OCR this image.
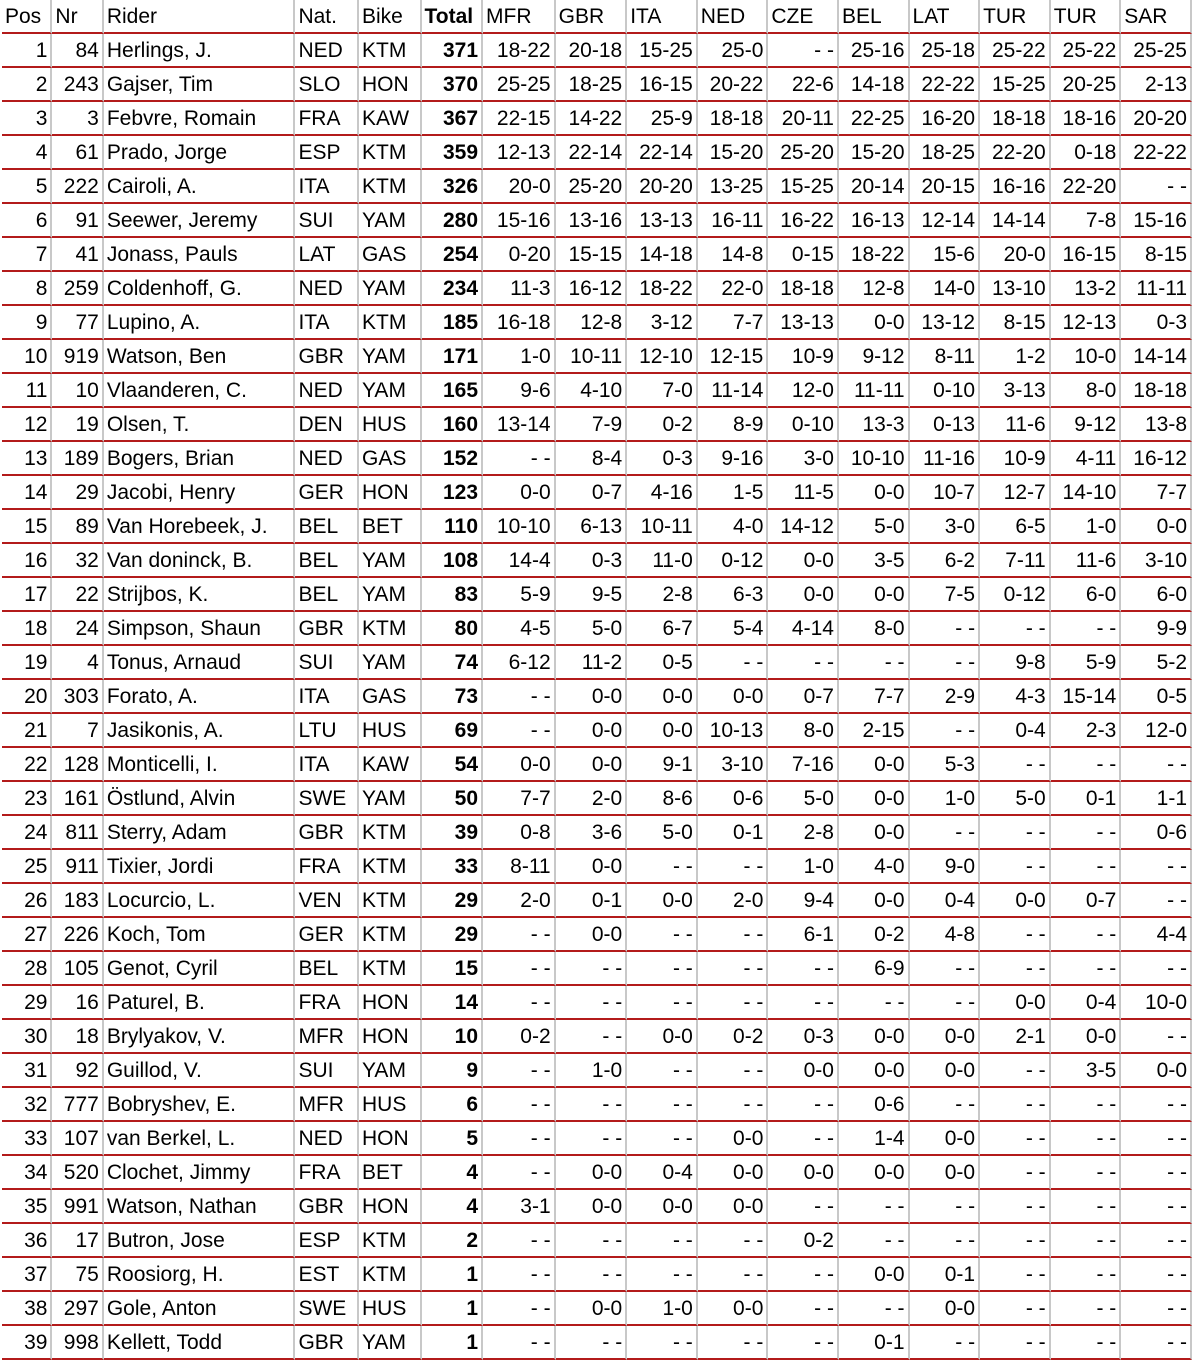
Pos	Nr	Rider	Nat.	Bike	Total	MFR	GBR	ITA	NED	CZE	BEL	LAT	TUR	TUR	SAR
1	84	Herlings, J.	NED	KTM	371	18-22	20-18	15-25	25-0	- -	25-16	25-18	25-22	25-22	25-25
2	243	Gajser, Tim	SLO	HON	370	25-25	18-25	16-15	20-22	22-6	14-18	22-22	15-25	20-25	2-13
3	3	Febvre, Romain	FRA	KAW	367	22-15	14-22	25-9	18-18	20-11	22-25	16-20	18-18	18-16	20-20
4	61	Prado, Jorge	ESP	KTM	359	12-13	22-14	22-14	15-20	25-20	15-20	18-25	22-20	0-18	22-22
5	222	Cairoli, A.	ITA	KTM	326	20-0	25-20	20-20	13-25	15-25	20-14	20-15	16-16	22-20	- -
6	91	Seewer, Jeremy	SUI	YAM	280	15-16	13-16	13-13	16-11	16-22	16-13	12-14	14-14	7-8	15-16
7	41	Jonass, Pauls	LAT	GAS	254	0-20	15-15	14-18	14-8	0-15	18-22	15-6	20-0	16-15	8-15
8	259	Coldenhoff, G.	NED	YAM	234	11-3	16-12	18-22	22-0	18-18	12-8	14-0	13-10	13-2	11-11
9	77	Lupino, A.	ITA	KTM	185	16-18	12-8	3-12	7-7	13-13	0-0	13-12	8-15	12-13	0-3
10	919	Watson, Ben	GBR	YAM	171	1-0	10-11	12-10	12-15	10-9	9-12	8-11	1-2	10-0	14-14
11	10	Vlaanderen, C.	NED	YAM	165	9-6	4-10	7-0	11-14	12-0	11-11	0-10	3-13	8-0	18-18
12	19	Olsen, T.	DEN	HUS	160	13-14	7-9	0-2	8-9	0-10	13-3	0-13	11-6	9-12	13-8
13	189	Bogers, Brian	NED	GAS	152	- -	8-4	0-3	9-16	3-0	10-10	11-16	10-9	4-11	16-12
14	29	Jacobi, Henry	GER	HON	123	0-0	0-7	4-16	1-5	11-5	0-0	10-7	12-7	14-10	7-7
15	89	Van Horebeek, J.	BEL	BET	110	10-10	6-13	10-11	4-0	14-12	5-0	3-0	6-5	1-0	0-0
16	32	Van doninck, B.	BEL	YAM	108	14-4	0-3	11-0	0-12	0-0	3-5	6-2	7-11	11-6	3-10
17	22	Strijbos, K.	BEL	YAM	83	5-9	9-5	2-8	6-3	0-0	0-0	7-5	0-12	6-0	6-0
18	24	Simpson, Shaun	GBR	KTM	80	4-5	5-0	6-7	5-4	4-14	8-0	- -	- -	- -	9-9
19	4	Tonus, Arnaud	SUI	YAM	74	6-12	11-2	0-5	- -	- -	- -	- -	9-8	5-9	5-2
20	303	Forato, A.	ITA	GAS	73	- -	0-0	0-0	0-0	0-7	7-7	2-9	4-3	15-14	0-5
21	7	Jasikonis, A.	LTU	HUS	69	- -	0-0	0-0	10-13	8-0	2-15	- -	0-4	2-3	12-0
22	128	Monticelli, I.	ITA	KAW	54	0-0	0-0	9-1	3-10	7-16	0-0	5-3	- -	- -	- -
23	161	Östlund, Alvin	SWE	YAM	50	7-7	2-0	8-6	0-6	5-0	0-0	1-0	5-0	0-1	1-1
24	811	Sterry, Adam	GBR	KTM	39	0-8	3-6	5-0	0-1	2-8	0-0	- -	- -	- -	0-6
25	911	Tixier, Jordi	FRA	KTM	33	8-11	0-0	- -	- -	1-0	4-0	9-0	- -	- -	- -
26	183	Locurcio, L.	VEN	KTM	29	2-0	0-1	0-0	2-0	9-4	0-0	0-4	0-0	0-7	- -
27	226	Koch, Tom	GER	KTM	29	- -	0-0	- -	- -	6-1	0-2	4-8	- -	- -	4-4
28	105	Genot, Cyril	BEL	KTM	15	- -	- -	- -	- -	- -	6-9	- -	- -	- -	- -
29	16	Paturel, B.	FRA	HON	14	- -	- -	- -	- -	- -	- -	- -	0-0	0-4	10-0
30	18	Brylyakov, V.	MFR	HON	10	0-2	- -	0-0	0-2	0-3	0-0	0-0	2-1	0-0	- -
31	92	Guillod, V.	SUI	YAM	9	- -	1-0	- -	- -	0-0	0-0	0-0	- -	3-5	0-0
32	777	Bobryshev, E.	MFR	HUS	6	- -	- -	- -	- -	- -	0-6	- -	- -	- -	- -
33	107	van Berkel, L.	NED	HON	5	- -	- -	- -	0-0	- -	1-4	0-0	- -	- -	- -
34	520	Clochet, Jimmy	FRA	BET	4	- -	0-0	0-4	0-0	0-0	0-0	0-0	- -	- -	- -
35	991	Watson, Nathan	GBR	HON	4	3-1	0-0	0-0	0-0	- -	- -	- -	- -	- -	- -
36	17	Butron, Jose	ESP	KTM	2	- -	- -	- -	- -	0-2	- -	- -	- -	- -	- -
37	75	Roosiorg, H.	EST	KTM	1	- -	- -	- -	- -	- -	0-0	0-1	- -	- -	- -
38	297	Gole, Anton	SWE	HUS	1	- -	0-0	1-0	0-0	- -	- -	0-0	- -	- -	- -
39	998	Kellett, Todd	GBR	YAM	1	- -	- -	- -	- -	- -	0-1	- -	- -	- -	- -
